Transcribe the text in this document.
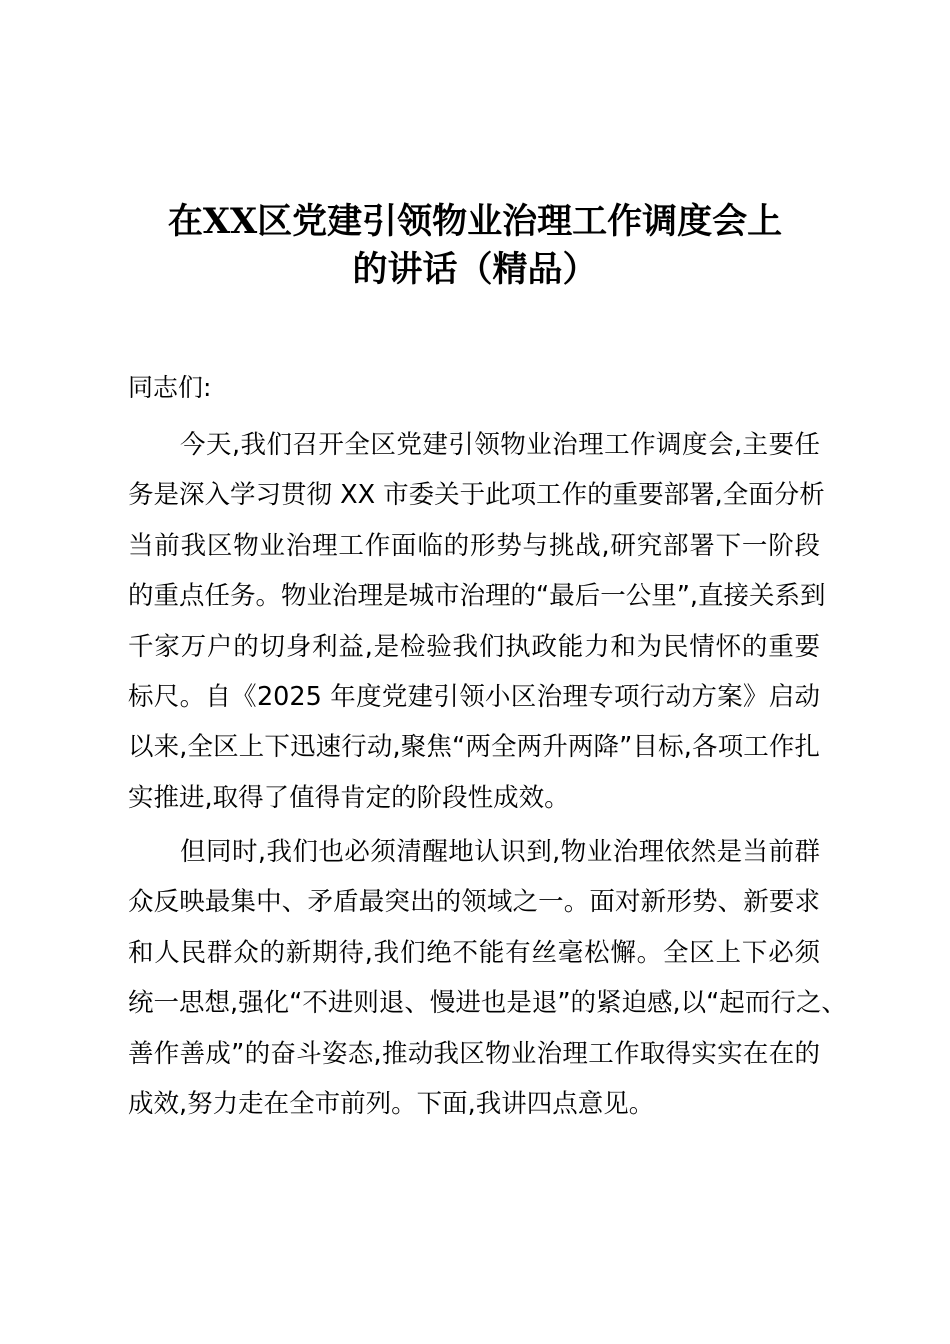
在XX区党建引领物业治理工作调度会上
的讲话（精品）
同志们:
今天,我们召开全区党建引领物业治理工作调度会,主要任
务是深入学习贯彻 XX 市委关于此项工作的重要部署,全面分析
当前我区物业治理工作面临的形势与挑战,研究部署下一阶段
的重点任务。物业治理是城市治理的“最后一公里”,直接关系到
千家万户的切身利益,是检验我们执政能力和为民情怀的重要
标尺。自《2025 年度党建引领小区治理专项行动方案》启动
以来,全区上下迅速行动,聚焦“两全两升两降”目标,各项工作扎
实推进,取得了值得肯定的阶段性成效。
但同时,我们也必须清醒地认识到,物业治理依然是当前群
众反映最集中、矛盾最突出的领域之一。面对新形势、新要求
和人民群众的新期待,我们绝不能有丝毫松懈。全区上下必须
统一思想,强化“不进则退、慢进也是退”的紧迫感,以“起而行之、
善作善成”的奋斗姿态,推动我区物业治理工作取得实实在在的
成效,努力走在全市前列。下面,我讲四点意见。
